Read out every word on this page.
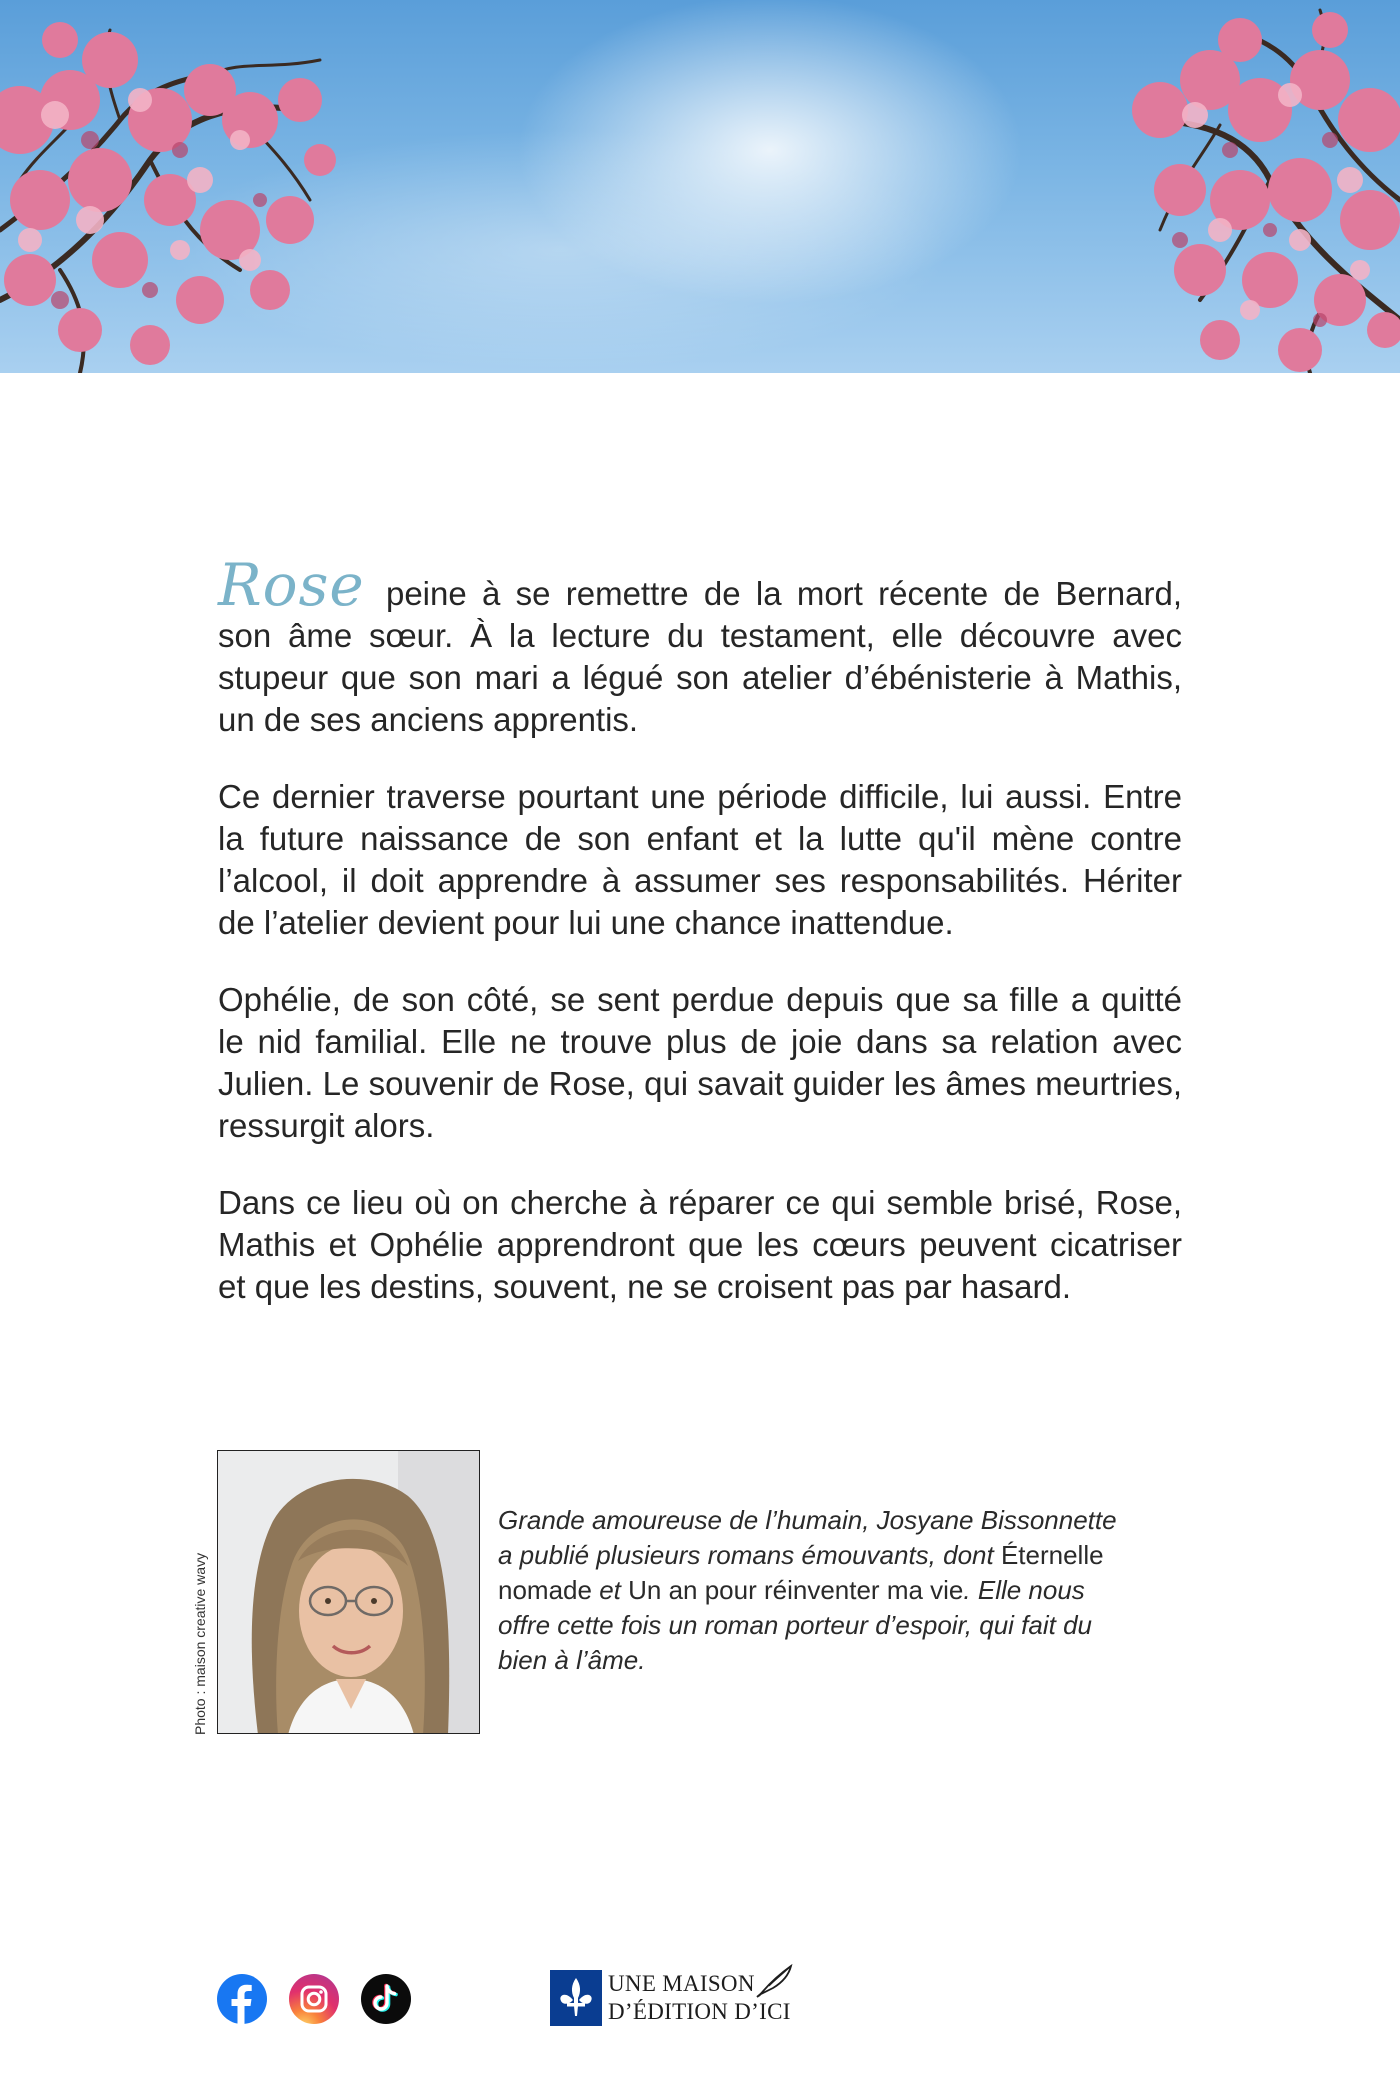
Rose peine à se remettre de la mort récente de Bernard, son âme sœur. À la lecture du testament, elle découvre avec stupeur que son mari a légué son atelier d’ébénisterie à Mathis, un de ses anciens apprentis.

Ce dernier traverse pourtant une période difficile, lui aussi. Entre la future naissance de son enfant et la lutte qu'il mène contre l’alcool, il doit apprendre à assumer ses responsabilités. Hériter de l’atelier devient pour lui une chance inattendue.

Ophélie, de son côté, se sent perdue depuis que sa fille a quitté le nid familial. Elle ne trouve plus de joie dans sa relation avec Julien. Le souvenir de Rose, qui savait guider les âmes meurtries, ressurgit alors.

Dans ce lieu où on cherche à réparer ce qui semble brisé, Rose, Mathis et Ophélie apprendront que les cœurs peuvent cicatriser et que les destins, souvent, ne se croisent pas par hasard.

Photo : maison creative wavy
Grande amoureuse de l’humain, Josyane Bissonnette a publié plusieurs romans émouvants, dont Éternelle nomade et Un an pour réinventer ma vie. Elle nous offre cette fois un roman porteur d’espoir, qui fait du bien à l’âme.
UNE MAISON
D’ÉDITION D’ICI
